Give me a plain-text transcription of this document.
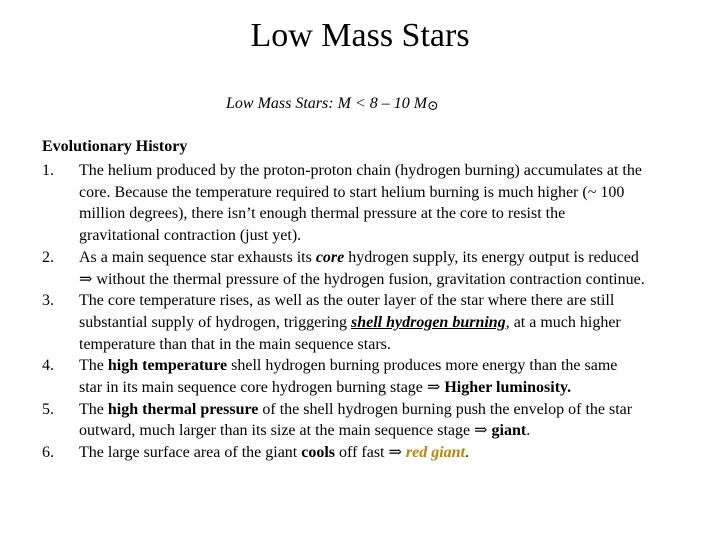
Low Mass Stars
Low Mass Stars: M < 8 – 10 M⊙
Evolutionary History
1. The helium produced by the proton-proton chain (hydrogen burning) accumulates at the
core. Because the temperature required to start helium burning is much higher (~ 100
million degrees), there isn’t enough thermal pressure at the core to resist the
gravitational contraction (just yet).
2. As a main sequence star exhausts its core hydrogen supply, its energy output is reduced
⇒ without the thermal pressure of the hydrogen fusion, gravitation contraction continue.
3. The core temperature rises, as well as the outer layer of the star where there are still
substantial supply of hydrogen, triggering shell hydrogen burning, at a much higher
temperature than that in the main sequence stars.
4. The high temperature shell hydrogen burning produces more energy than the same
star in its main sequence core hydrogen burning stage ⇒ Higher luminosity.
5. The high thermal pressure of the shell hydrogen burning push the envelop of the star
outward, much larger than its size at the main sequence stage ⇒ giant.
6. The large surface area of the giant cools off fast ⇒ red giant.
